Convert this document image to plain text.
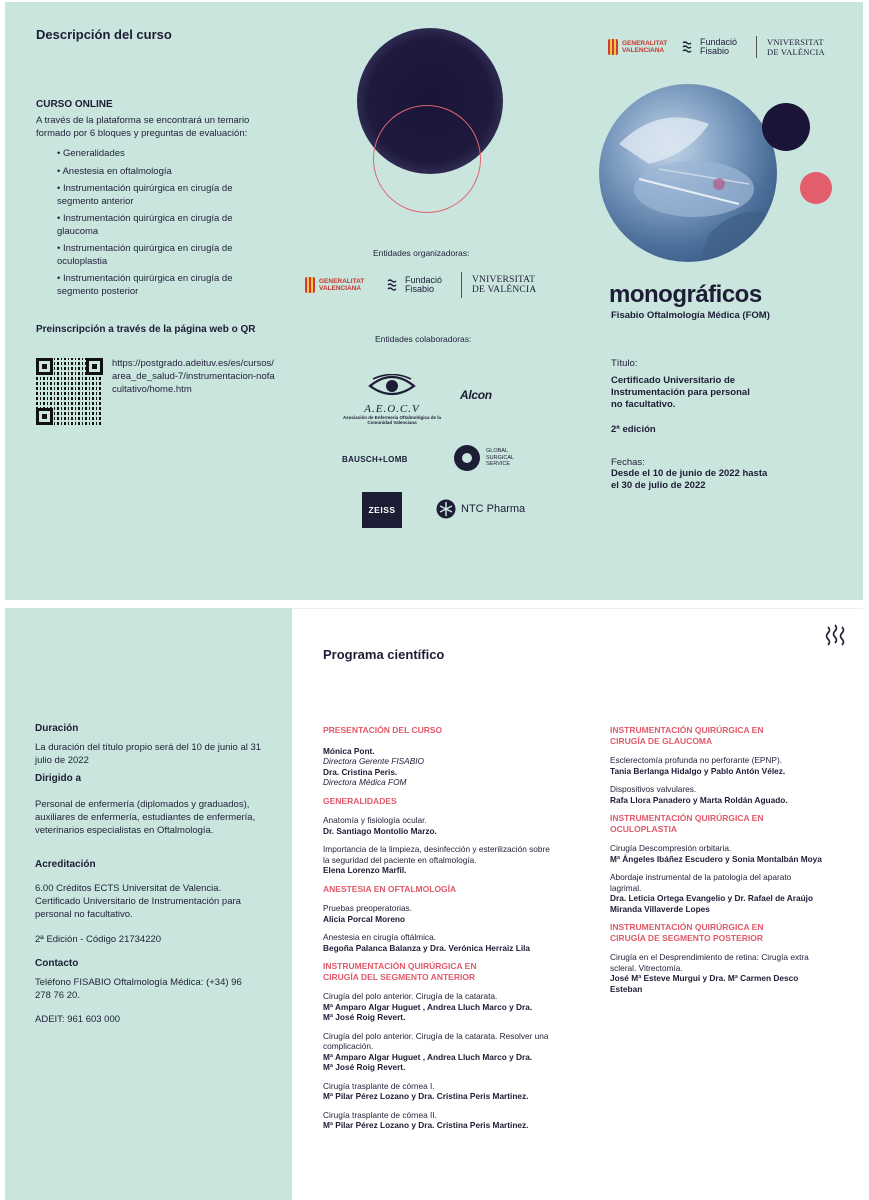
Descripción del curso
CURSO ONLINE
A través de la plataforma se encontrará un temario formado por 6 bloques y preguntas de evaluación:
• Generalidades
• Anestesia en oftalmología
• Instrumentación quirúrgica en cirugía de segmento anterior
• Instrumentación quirúrgica en cirugía de glaucoma
• Instrumentación quirúrgica en cirugía de oculoplastia
• Instrumentación quirúrgica en cirugía de segmento posterior
Preinscripción a través de la página web o QR
https://postgrado.adeituv.es/es/cursos/area_de_salud-7/instrumentacion-nofacultativo/home.htm
Entidades organizadoras:
GENERALITAT VALENCIANA
Fundació Fisabio
VNIVERSITAT DE VALÈNCIA
Entidades colaboradoras:
A.E.O.C.V
Asociación de Enfermería Oftalmológica de la Comunidad Valenciana
Alcon
BAUSCH+LOMB
GLOBAL SURGICAL SERVICE
ZEISS	NTC Pharma
GENERALITAT VALENCIANA
Fundació Fisabio
VNIVERSITAT DE VALÈNCIA
monográficos
Fisabio Oftalmología Médica (FOM)
Título:
Certificado Universitario de Instrumentación para personal no facultativo.
2ª edición
Fechas:
Desde el 10 de junio de 2022 hasta el 30 de julio de 2022
Duración
La duración del título propio será del 10 de junio al 31 julio de 2022
Dirigido a
Personal de enfermería (diplomados y graduados), auxiliares de enfermería, estudiantes de enfermería, veterinarios especialistas en Oftalmología.
Acreditación
6.00 Créditos ECTS Universitat de Valencia. Certificado Universitario de Instrumentación para personal no facultativo.
2ª Edición - Código 21734220
Contacto
Teléfono FISABIO Oftalmología Médica: (+34) 96 278 76 20.
ADEIT: 961 603 000
Programa científico
PRESENTACIÓN DEL CURSO
Mónica Pont.
Directora Gerente FISABIO
Dra. Cristina Peris.
Directora Médica FOM
GENERALIDADES
Anatomía y fisiología ocular.
Dr. Santiago Montolío Marzo.
Importancia de la limpieza, desinfección y esterilización sobre la seguridad del paciente en oftalmología.
Elena Lorenzo Marfil.
ANESTESIA EN OFTALMOLOGÍA
Pruebas preoperatorias.
Alicia Porcal Moreno
Anestesia en cirugía oftálmica.
Begoña Palanca Balanza y Dra. Verónica Herraiz Lila
INSTRUMENTACIÓN QUIRÚRGICA EN CIRUGÍA DEL SEGMENTO ANTERIOR
Cirugía del polo anterior. Cirugía de la catarata.
Mª Amparo Algar Huguet , Andrea Lluch Marco y Dra. Mª José Roig Revert.
Cirugía del polo anterior. Cirugía de la catarata. Resolver una complicación.
Mª Amparo Algar Huguet , Andrea Lluch Marco y Dra. Mª José Roig Revert.
Cirugía trasplante de córnea I.
Mª Pilar Pérez Lozano y Dra. Cristina Peris Martinez.
Cirugía trasplante de córnea II.
Mª Pilar Pérez Lozano y Dra. Cristina Peris Martinez.
INSTRUMENTACIÓN QUIRÚRGICA EN CIRUGÍA DE GLAUCOMA
Esclerectomía profunda no perforante (EPNP).
Tania Berlanga Hidalgo y Pablo Antón Vélez.
Dispositivos valvulares.
Rafa Llora Panadero y Marta Roldán Aguado.
INSTRUMENTACIÓN QUIRÚRGICA EN OCULOPLASTIA
Cirugía Descompresión orbitaria.
Mª Ángeles Ibáñez Escudero y Sonia Montalbán Moya
Abordaje instrumental de la patología del aparato lagrimal.
Dra. Leticia Ortega Evangelio y Dr. Rafael de Araújo Miranda Villaverde Lopes
INSTRUMENTACIÓN QUIRÚRGICA EN CIRUGÍA DE SEGMENTO POSTERIOR
Cirugía en el Desprendimiento de retina: Cirugía extra scleral. Vitrectomía.
José Mª Esteve Murgui y Dra. Mª Carmen Desco Esteban
